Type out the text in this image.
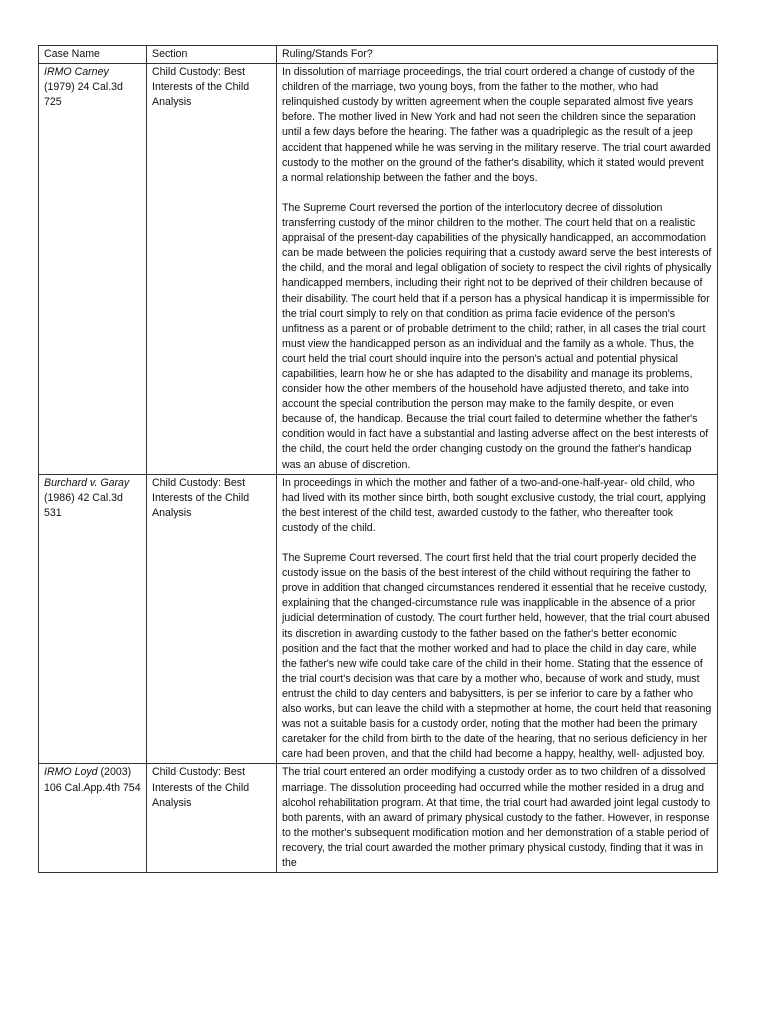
Case Name	Section	Ruling/Stands For?
IRMO Carney (1979) 24 Cal.3d 725	Child Custody: Best Interests of the Child Analysis	In dissolution of marriage proceedings, the trial court ordered a change of custody of the children of the marriage, two young boys, from the father to the mother, who had relinquished custody by written agreement when the couple separated almost five years before. The mother lived in New York and had not seen the children since the separation until a few days before the hearing. The father was a quadriplegic as the result of a jeep accident that happened while he was serving in the military reserve. The trial court awarded custody to the mother on the ground of the father's disability, which it stated would prevent a normal relationship between the father and the boys.

The Supreme Court reversed the portion of the interlocutory decree of dissolution transferring custody of the minor children to the mother. The court held that on a realistic appraisal of the present-day capabilities of the physically handicapped, an accommodation can be made between the policies requiring that a custody award serve the best interests of the child, and the moral and legal obligation of society to respect the civil rights of physically handicapped members, including their right not to be deprived of their children because of their disability. The court held that if a person has a physical handicap it is impermissible for the trial court simply to rely on that condition as prima facie evidence of the person's unfitness as a parent or of probable detriment to the child; rather, in all cases the trial court must view the handicapped person as an individual and the family as a whole. Thus, the court held the trial court should inquire into the person's actual and potential physical capabilities, learn how he or she has adapted to the disability and manage its problems, consider how the other members of the household have adjusted thereto, and take into account the special contribution the person may make to the family despite, or even because of, the handicap. Because the trial court failed to determine whether the father's condition would in fact have a substantial and lasting adverse affect on the best interests of the child, the court held the order changing custody on the ground the father's handicap was an abuse of discretion.

Burchard v. Garay (1986) 42 Cal.3d 531	Child Custody: Best Interests of the Child Analysis	In proceedings in which the mother and father of a two-and-one-half-year- old child, who had lived with its mother since birth, both sought exclusive custody, the trial court, applying the best interest of the child test, awarded custody to the father, who thereafter took custody of the child.

The Supreme Court reversed. The court first held that the trial court properly decided the custody issue on the basis of the best interest of the child without requiring the father to prove in addition that changed circumstances rendered it essential that he receive custody, explaining that the changed-circumstance rule was inapplicable in the absence of a prior judicial determination of custody. The court further held, however, that the trial court abused its discretion in awarding custody to the father based on the father's better economic position and the fact that the mother worked and had to place the child in day care, while the father's new wife could take care of the child in their home. Stating that the essence of the trial court's decision was that care by a mother who, because of work and study, must entrust the child to day centers and babysitters, is per se inferior to care by a father who also works, but can leave the child with a stepmother at home, the court held that reasoning was not a suitable basis for a custody order, noting that the mother had been the primary caretaker for the child from birth to the date of the hearing, that no serious deficiency in her care had been proven, and that the child had become a happy, healthy, well- adjusted boy.

IRMO Loyd (2003) 106 Cal.App.4th 754	Child Custody: Best Interests of the Child Analysis	The trial court entered an order modifying a custody order as to two children of a dissolved marriage. The dissolution proceeding had occurred while the mother resided in a drug and alcohol rehabilitation program. At that time, the trial court had awarded joint legal custody to both parents, with an award of primary physical custody to the father. However, in response to the mother's subsequent modification motion and her demonstration of a stable period of recovery, the trial court awarded the mother primary physical custody, finding that it was in the
